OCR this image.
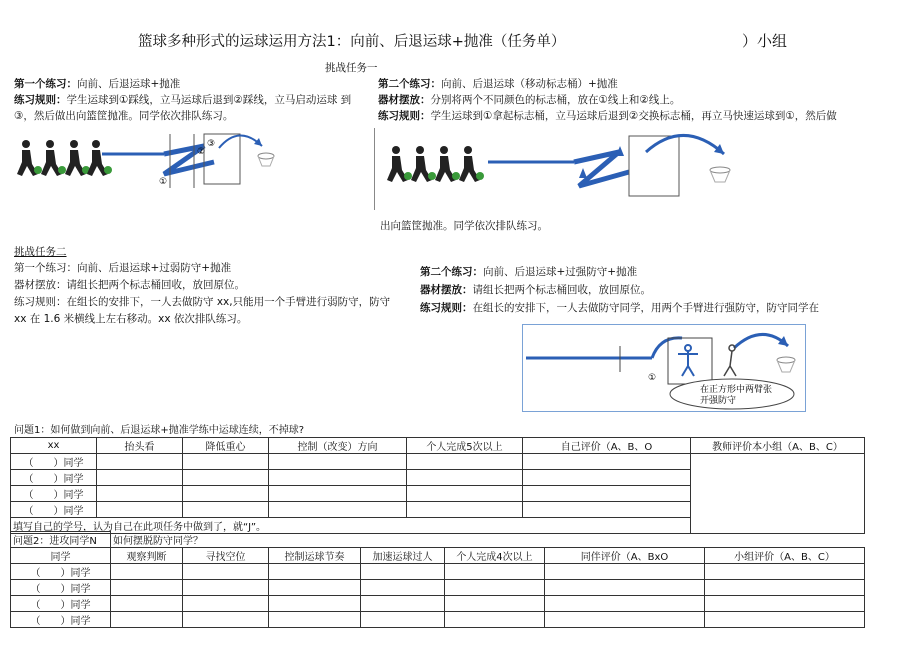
篮球多种形式的运球运用方法1：向前、后退运球+抛准（任务单）	）小组
挑战任务一
第一个练习：向前、后退运球+抛准
练习规则：学生运球到①踩线，立马运球后退到②踩线，立马启动运球 到
③，然后做出向篮筐抛准。同学依次排队练习。
第二个练习：向前、后退运球（移动标志桶）+抛准
器材摆放：分别将两个不同颜色的标志桶，放在①线上和②线上。
练习规则：学生运球到①拿起标志桶，立马运球后退到②交换标志桶，再立马快速运球到①，然后做
出向篮筐抛准。同学依次排队练习。
①
②
③
挑战任务二
第一个练习：向前、后退运球+过弱防守+抛准
器材摆放：请组长把两个标志桶回收，放回原位。
练习规则：在组长的安排下，一人去做防守 xx,只能用一个手臂进行弱防守，防守
xx 在 1.6 米横线上左右移动。xx 依次排队练习。
第二个练习：向前、后退运球+过强防守+抛准
器材摆放：请组长把两个标志桶回收，放回原位。
练习规则：在组长的安排下，一人去做防守同学，用两个手臂进行强防守，防守同学在
①
在正方形中两臂张
开强防守
问题1：如何做到向前、后退运球+抛准学练中运球连续，不掉球?
xx	抬头看	降低重心	控制（改变）方向	个人完成5次以上	自己评价（A、B、O	教师评价本小组（A、B、C）
（　　）同学						
（　　）同学						
（　　）同学						
（　　）同学						
填写自己的学号，认为自己在此项任务中做到了，就“J”。						
问题2：进攻同学N	如何摆脱防守同学？						
同学	观察判断	寻找空位	控制运球节奏	加速运球过人	个人完成4次以上	同伴评价（A、BxO	小组评价（A、B、C）
（　　）同学							
（　　）同学							
（　　）同学							
（　　）同学							
